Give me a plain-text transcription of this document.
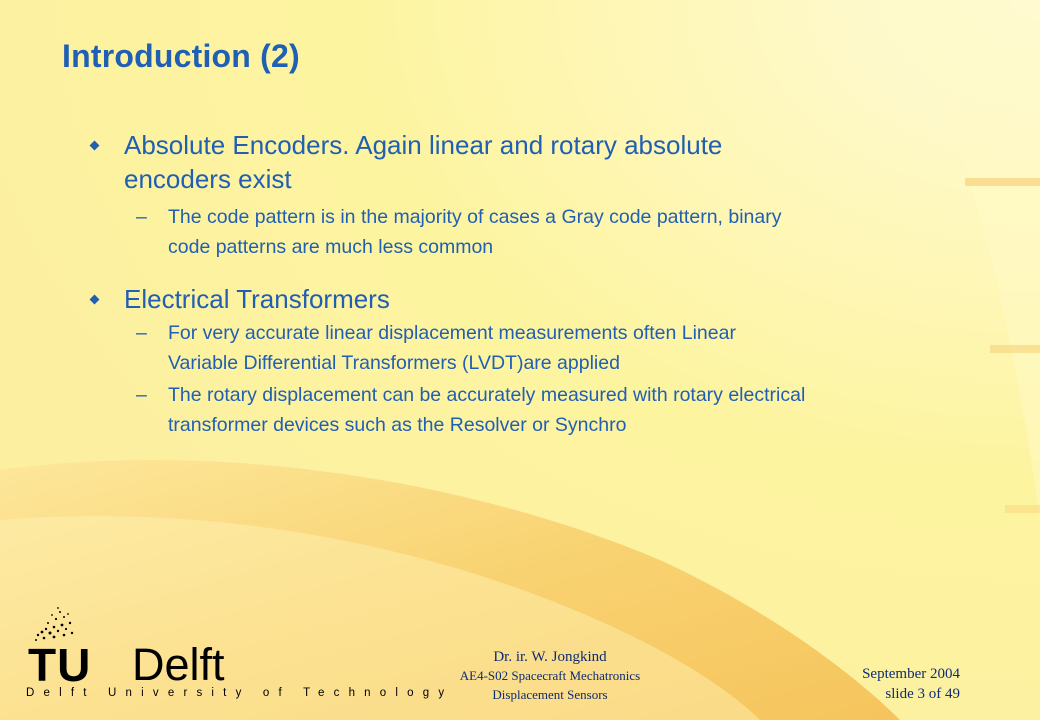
Introduction (2)
Absolute Encoders. Again linear and rotary absolute
encoders exist
– The code pattern is in the majority of cases a Gray code pattern, binary
code patterns are much less common
Electrical Transformers
– For very accurate linear displacement measurements often Linear
Variable Differential Transformers (LVDT)are applied
– The rotary displacement can be accurately measured with rotary electrical
transformer devices such as the Resolver or Synchro
TU Delft
Delft University of Technology
Dr. ir. W. Jongkind
AE4-S02 Spacecraft Mechatronics
Displacement Sensors
September 2004
slide 3 of 49
